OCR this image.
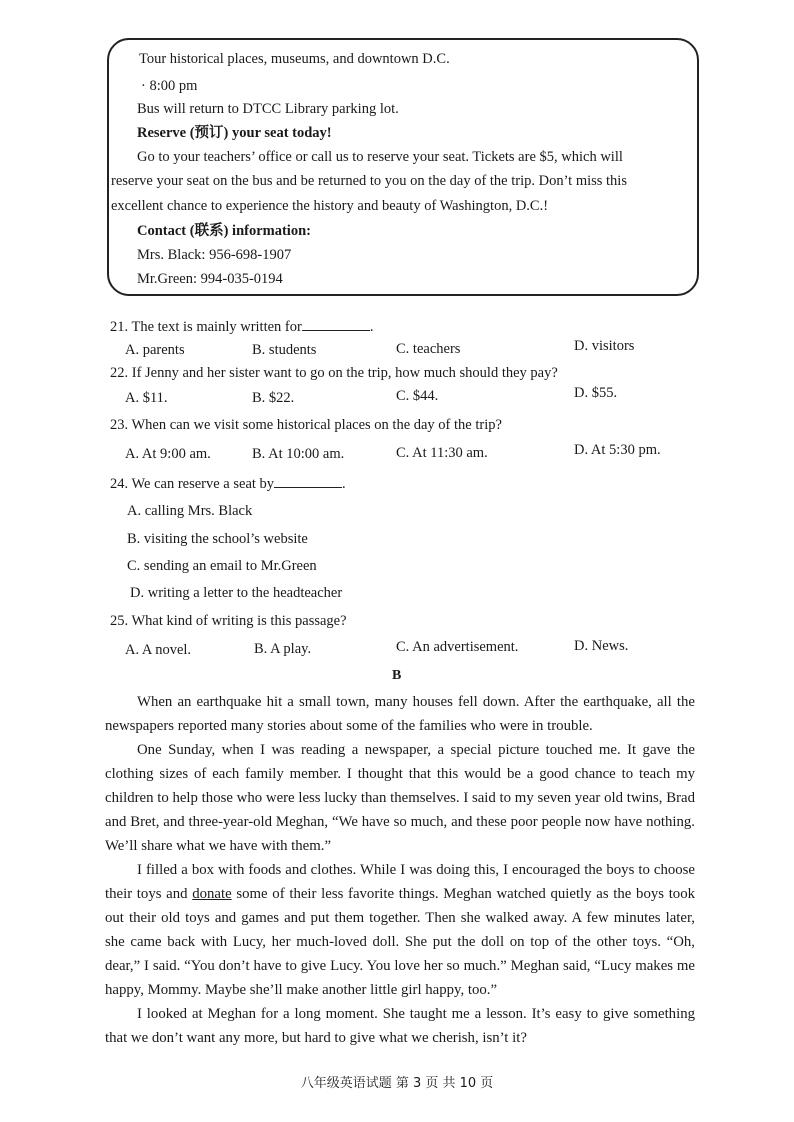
Tour historical places, museums, and downtown D.C.
· 8:00 pm
Bus will return to DTCC Library parking lot.
Reserve (预订) your seat today!
Go to your teachers’ office or call us to reserve your seat. Tickets are $5, which will
reserve your seat on the bus and be returned to you on the day of the trip. Don’t miss this
excellent chance to experience the history and beauty of Washington, D.C.!
Contact (联系) information:
Mrs. Black: 956-698-1907
Mr.Green: 994-035-0194
21. The text is mainly written for	.
A. parents	B. students	C. teachers	D. visitors
22. If Jenny and her sister want to go on the trip, how much should they pay?
A. $11.	B. $22.	C. $44.	D. $55.
23. When can we visit some historical places on the day of the trip?
A. At 9:00 am.	B. At 10:00 am.	C. At 11:30 am.	D. At 5:30 pm.
24. We can reserve a seat by	.
A. calling Mrs. Black
B. visiting the school’s website
C. sending an email to Mr.Green
D. writing a letter to the headteacher
25. What kind of writing is this passage?
A. A novel.	B. A play.	C. An advertisement.	D. News.
B

When an earthquake hit a small town, many houses fell down. After the earthquake, all the newspapers reported many stories about some of the families who were in trouble.

One Sunday, when I was reading a newspaper, a special picture touched me. It gave the clothing sizes of each family member. I thought that this would be a good chance to teach my children to help those who were less lucky than themselves. I said to my seven year old twins, Brad and Bret, and three-year-old Meghan, “We have so much, and these poor people now have nothing. We’ll share what we have with them.”

I filled a box with foods and clothes. While I was doing this, I encouraged the boys to choose their toys and donate some of their less favorite things. Meghan watched quietly as the boys took out their old toys and games and put them together. Then she walked away. A few minutes later, she came back with Lucy, her much-loved doll. She put the doll on top of the other toys. “Oh, dear,” I said. “You don’t have to give Lucy. You love her so much.” Meghan said, “Lucy makes me happy, Mommy. Maybe she’ll make another little girl happy, too.”

I looked at Meghan for a long moment. She taught me a lesson. It’s easy to give something that we don’t want any more, but hard to give what we cherish, isn’t it?

八年级英语试题 第 3 页 共 10 页
